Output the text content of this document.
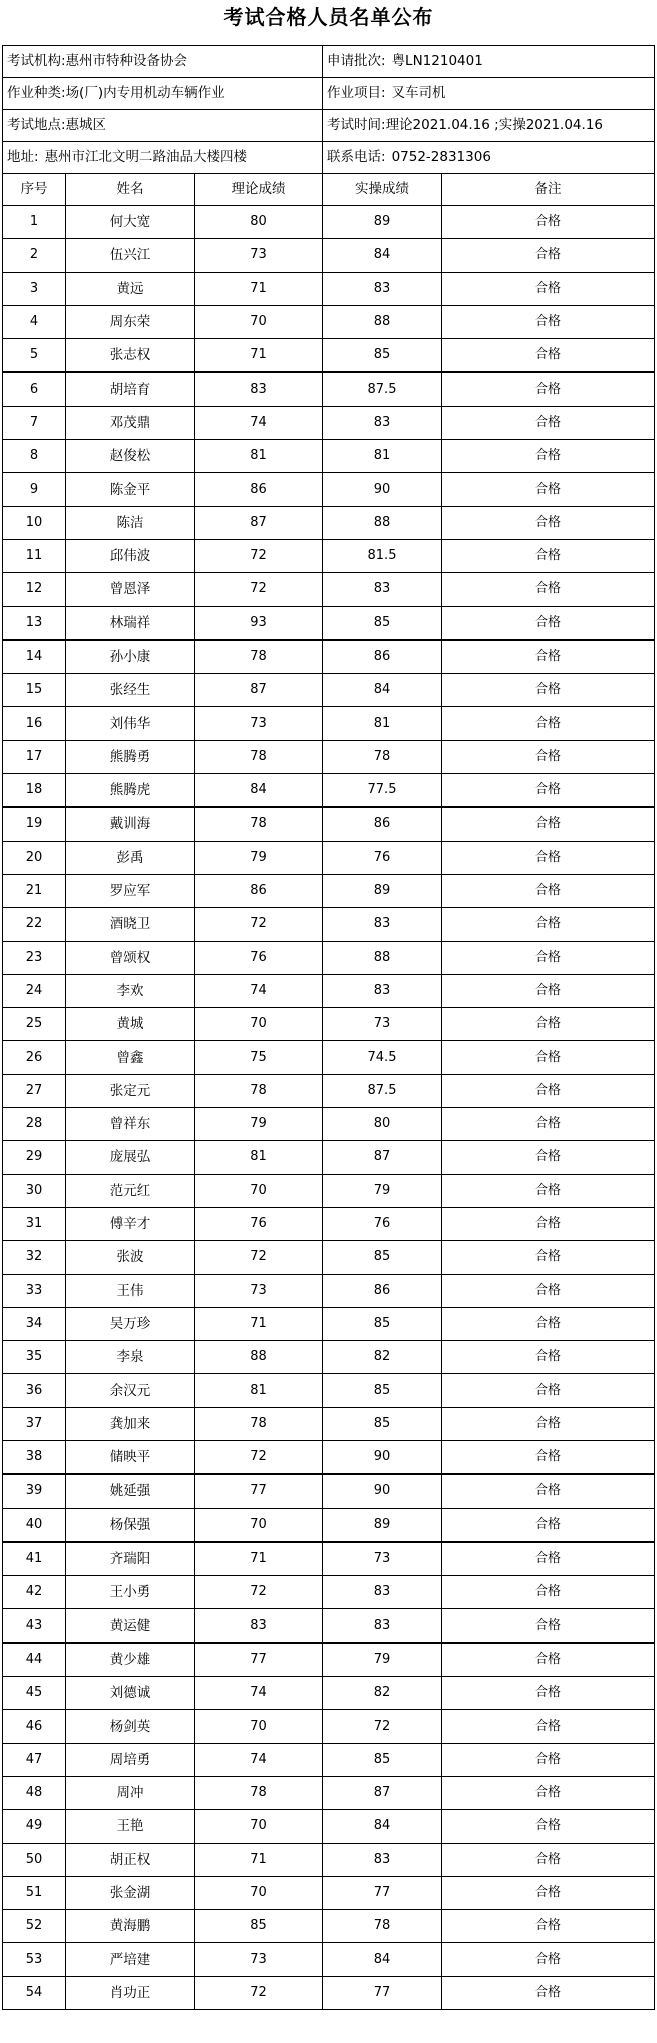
考试合格人员名单公布
考试机构:惠州市特种设备协会			申请批次: 粤LN1210401	
作业种类:场(厂)内专用机动车辆作业			作业项目: 叉车司机	
考试地点:惠城区			考试时间:理论2021.04.16 ;实操2021.04.16	
地址: 惠州市江北文明二路油品大楼四楼			联系电话: 0752-2831306	
序号	姓名	理论成绩	实操成绩	备注
1	何大宽	80	89	合格
2	伍兴江	73	84	合格
3	黄远	71	83	合格
4	周东荣	70	88	合格
5	张志权	71	85	合格
6	胡培育	83	87.5	合格
7	邓茂鼎	74	83	合格
8	赵俊松	81	81	合格
9	陈金平	86	90	合格
10	陈洁	87	88	合格
11	邱伟波	72	81.5	合格
12	曾恩泽	72	83	合格
13	林瑞祥	93	85	合格
14	孙小康	78	86	合格
15	张经生	87	84	合格
16	刘伟华	73	81	合格
17	熊腾勇	78	78	合格
18	熊腾虎	84	77.5	合格
19	戴训海	78	86	合格
20	彭禹	79	76	合格
21	罗应军	86	89	合格
22	酒晓卫	72	83	合格
23	曾颂权	76	88	合格
24	李欢	74	83	合格
25	黄城	70	73	合格
26	曾鑫	75	74.5	合格
27	张定元	78	87.5	合格
28	曾祥东	79	80	合格
29	庞展弘	81	87	合格
30	范元红	70	79	合格
31	傅辛才	76	76	合格
32	张波	72	85	合格
33	王伟	73	86	合格
34	吴万珍	71	85	合格
35	李泉	88	82	合格
36	余汉元	81	85	合格
37	龚加来	78	85	合格
38	储映平	72	90	合格
39	姚延强	77	90	合格
40	杨保强	70	89	合格
41	齐瑞阳	71	73	合格
42	王小勇	72	83	合格
43	黄运健	83	83	合格
44	黄少雄	77	79	合格
45	刘德诚	74	82	合格
46	杨剑英	70	72	合格
47	周培勇	74	85	合格
48	周冲	78	87	合格
49	王艳	70	84	合格
50	胡正权	71	83	合格
51	张金湖	70	77	合格
52	黄海鹏	85	78	合格
53	严培建	73	84	合格
54	肖功正	72	77	合格
